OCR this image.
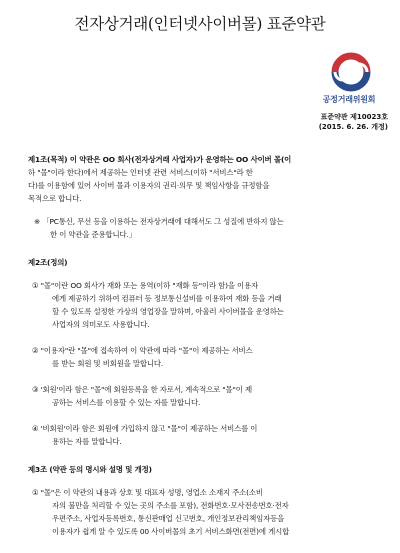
전자상거래(인터넷사이버몰) 표준약관
공정거래위원회
표준약관 제10023호
(2015. 6. 26. 개정)
제1조(목적) 이 약관은 OO 회사(전자상거래 사업자)가 운영하는 OO 사이버 몰(이
하 "몰"이라 한다)에서 제공하는 인터넷 관련 서비스(이하 "서비스"라 한
다)를 이용함에 있어 사이버 몰과 이용자의 권리·의무 및 책임사항을 규정함을
목적으로 합니다.
※ 「PC통신, 무선 등을 이용하는 전자상거래에 대해서도 그 성질에 반하지 않는
한 이 약관을 준용합니다.」
제2조(정의)
① "몰"이란 OO 회사가 재화 또는 용역(이하 "재화 등"이라 함)을 이용자
에게 제공하기 위하여 컴퓨터 등 정보통신설비를 이용하여 재화 등을 거래
할 수 있도록 설정한 가상의 영업장을 말하며, 아울러 사이버몰을 운영하는
사업자의 의미로도 사용합니다.
② "이용자"란 "몰"에 접속하여 이 약관에 따라 "몰"이 제공하는 서비스
를 받는 회원 및 비회원을 말합니다.
③ '회원'이라 함은 "몰"에 회원등록을 한 자로서, 계속적으로 "몰"이 제
공하는 서비스를 이용할 수 있는 자를 말합니다.
④ '비회원'이라 함은 회원에 가입하지 않고 "몰"이 제공하는 서비스를 이
용하는 자를 말합니다.
제3조 (약관 등의 명시와 설명 및 개정)
① "몰"은 이 약관의 내용과 상호 및 대표자 성명, 영업소 소재지 주소(소비
자의 불만을 처리할 수 있는 곳의 주소를 포함), 전화번호·모사전송번호·전자
우편주소, 사업자등록번호, 통신판매업 신고번호, 개인정보관리책임자등을
이용자가 쉽게 알 수 있도록 00 사이버몰의 초기 서비스화면(전면)에 게시합
